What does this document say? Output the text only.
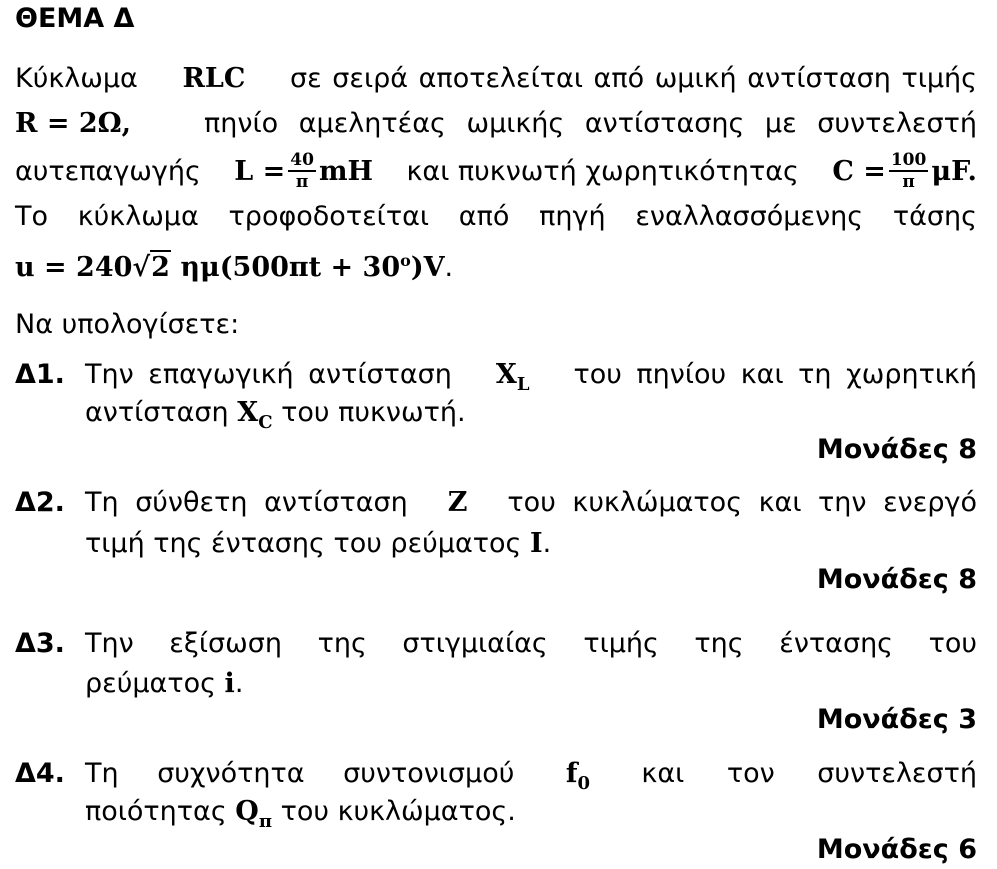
ΘΕΜΑ Δ
Κύκλωμα RLC σε σειρά αποτελείται από ωμική αντίσταση τιμής
R = 2Ω,	πηνίο αμελητέας ωμικής αντίστασης με συντελεστή
αυτεπαγωγής $L = \frac{40}{\pi}$ mH και πυκνωτή χωρητικότητας $C = \frac{100}{\pi} \mu F$.
Το κύκλωμα τροφοδοτείται από πηγή εναλλασσόμενης τάσης
u = 240√2 $\eta\mu(500\pi t + 30^o)V$.
Να υπολογίσετε:
Δ1. Την επαγωγική αντίσταση $X_L$ του πηνίου και τη χωρητική
αντίσταση $X_C$ του πυκνωτή.
Μονάδες 8
Δ2. Τη σύνθετη αντίσταση Z του κυκλώματος και την ενεργό
τιμή της έντασης του ρεύματος I.
Μονάδες 8
Δ3. Την εξίσωση της στιγμιαίας τιμής της έντασης του
ρεύματος i.
Μονάδες 3
Δ4. Τη συχνότητα συντονισμού $f_0$ και τον συντελεστή
ποιότητας $Q_\pi$ του κυκλώματος.
Μονάδες 6
